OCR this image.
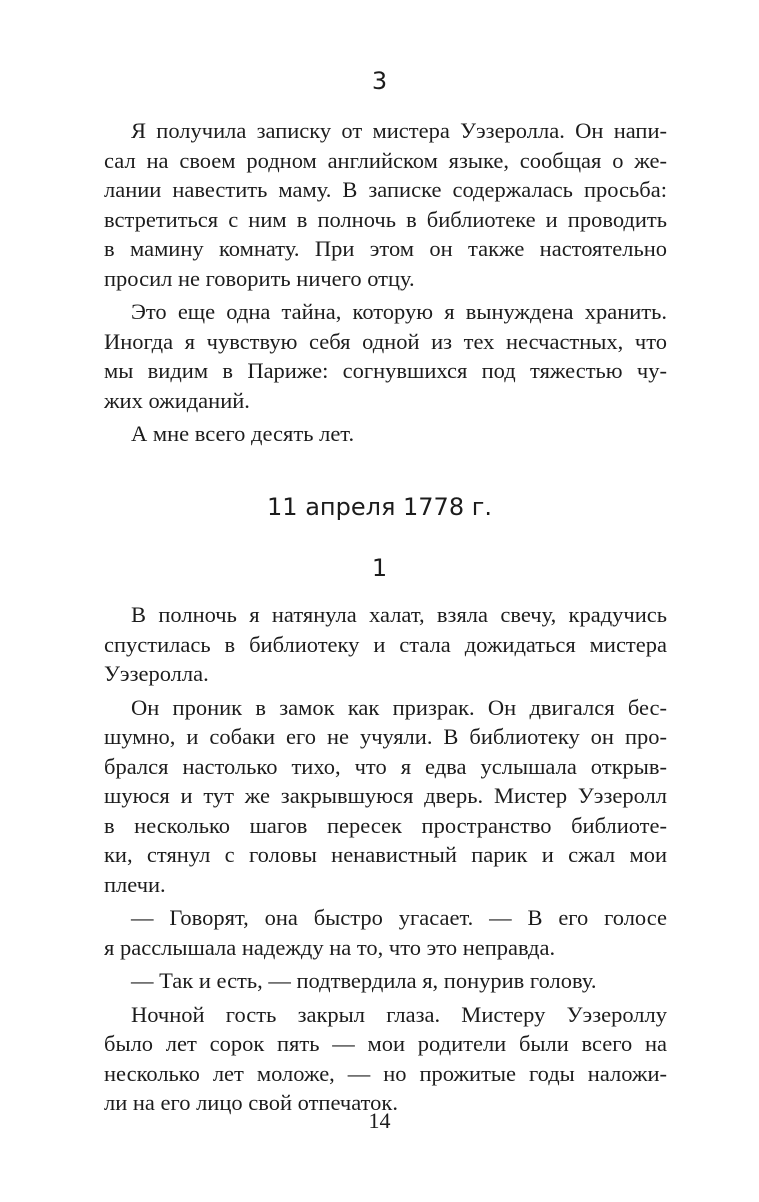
3
Я получила записку от мистера Уэзеролла. Он напи-
сал на своем родном английском языке, сообщая о же-
лании навестить маму. В записке содержалась просьба:
встретиться с ним в полночь в библиотеке и проводить
в мамину комнату. При этом он также настоятельно
просил не говорить ничего отцу.
Это еще одна тайна, которую я вынуждена хранить.
Иногда я чувствую себя одной из тех несчастных, что
мы видим в Париже: согнувшихся под тяжестью чу-
жих ожиданий.
А мне всего десять лет.
11 апреля 1778 г.
1
В полночь я натянула халат, взяла свечу, крадучись
спустилась в библиотеку и стала дожидаться мистера
Уэзеролла.
Он проник в замок как призрак. Он двигался бес-
шумно, и собаки его не учуяли. В библиотеку он про-
брался настолько тихо, что я едва услышала открыв-
шуюся и тут же закрывшуюся дверь. Мистер Уэзеролл
в несколько шагов пересек пространство библиоте-
ки, стянул с головы ненавистный парик и сжал мои
плечи.
— Говорят, она быстро угасает. — В его голосе
я расслышала надежду на то, что это неправда.
— Так и есть, — подтвердила я, понурив голову.
Ночной гость закрыл глаза. Мистеру Уэзероллу
было лет сорок пять — мои родители были всего на
несколько лет моложе, — но прожитые годы наложи-
ли на его лицо свой отпечаток.
14
